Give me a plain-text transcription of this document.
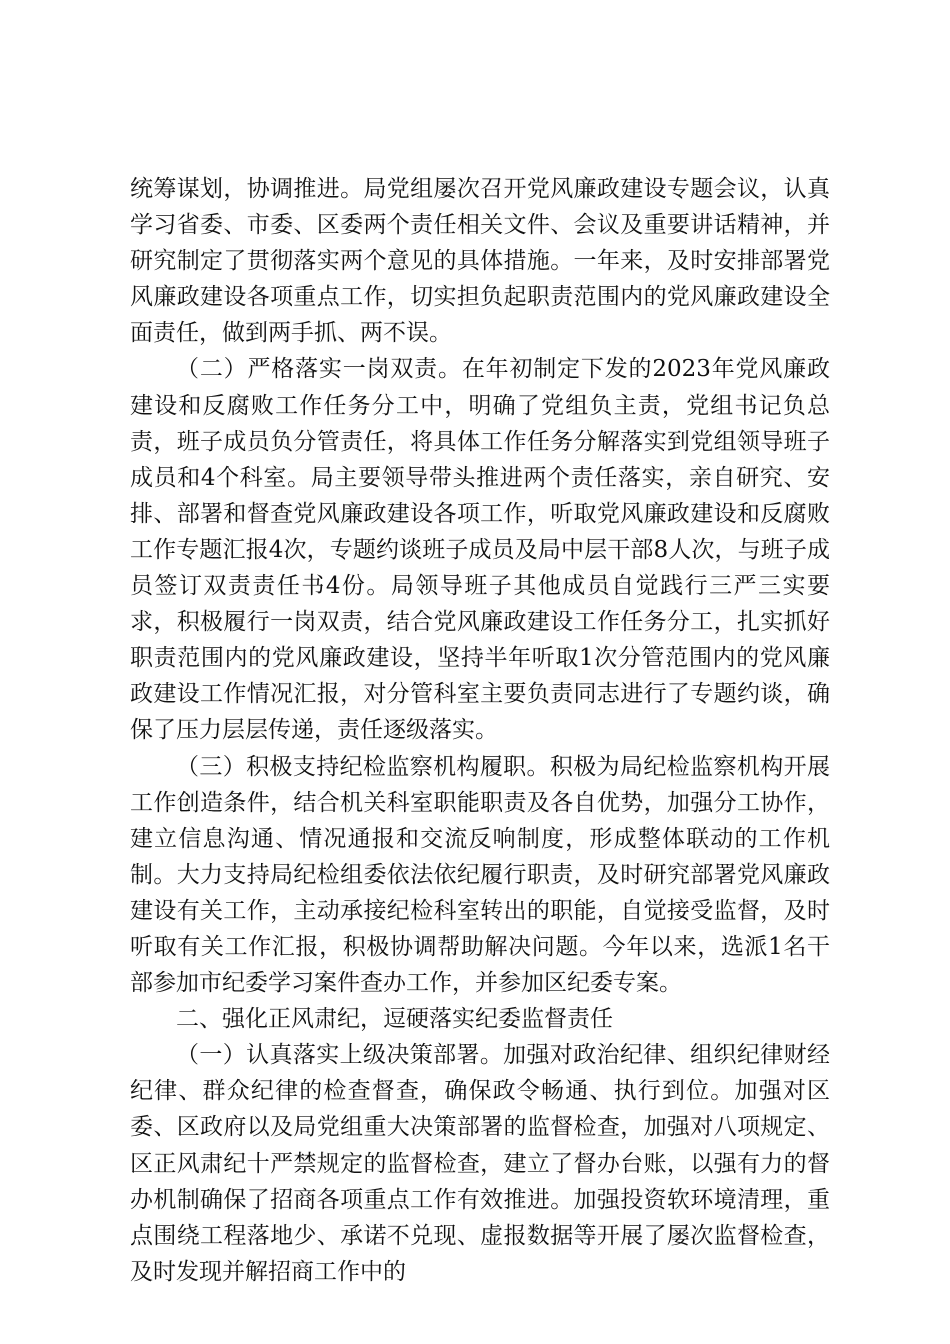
统筹谋划，协调推进。局党组屡次召开党风廉政建设专题会议，认真学习省委、市委、区委两个责任相关文件、会议及重要讲话精神，并研究制定了贯彻落实两个意见的具体措施。一年来，及时安排部署党风廉政建设各项重点工作，切实担负起职责范围内的党风廉政建设全面责任，做到两手抓、两不误。

（二）严格落实一岗双责。在年初制定下发的2023年党风廉政建设和反腐败工作任务分工中，明确了党组负主责，党组书记负总责，班子成员负分管责任，将具体工作任务分解落实到党组领导班子成员和4个科室。局主要领导带头推进两个责任落实，亲自研究、安排、部署和督查党风廉政建设各项工作，听取党风廉政建设和反腐败工作专题汇报4次，专题约谈班子成员及局中层干部8人次，与班子成员签订双责责任书4份。局领导班子其他成员自觉践行三严三实要求，积极履行一岗双责，结合党风廉政建设工作任务分工，扎实抓好职责范围内的党风廉政建设，坚持半年听取1次分管范围内的党风廉政建设工作情况汇报，对分管科室主要负责同志进行了专题约谈，确保了压力层层传递，责任逐级落实。

（三）积极支持纪检监察机构履职。积极为局纪检监察机构开展工作创造条件，结合机关科室职能职责及各自优势，加强分工协作，建立信息沟通、情况通报和交流反响制度，形成整体联动的工作机制。大力支持局纪检组委依法依纪履行职责，及时研究部署党风廉政建设有关工作，主动承接纪检科室转出的职能，自觉接受监督，及时听取有关工作汇报，积极协调帮助解决问题。今年以来，选派1名干部参加市纪委学习案件查办工作，并参加区纪委专案。

二、强化正风肃纪，逗硬落实纪委监督责任

（一）认真落实上级决策部署。加强对政治纪律、组织纪律财经纪律、群众纪律的检查督查，确保政令畅通、执行到位。加强对区委、区政府以及局党组重大决策部署的监督检查，加强对八项规定、区正风肃纪十严禁规定的监督检查，建立了督办台账，以强有力的督办机制确保了招商各项重点工作有效推进。加强投资软环境清理，重点围绕工程落地少、承诺不兑现、虚报数据等开展了屡次监督检查，及时发现并解招商工作中的
